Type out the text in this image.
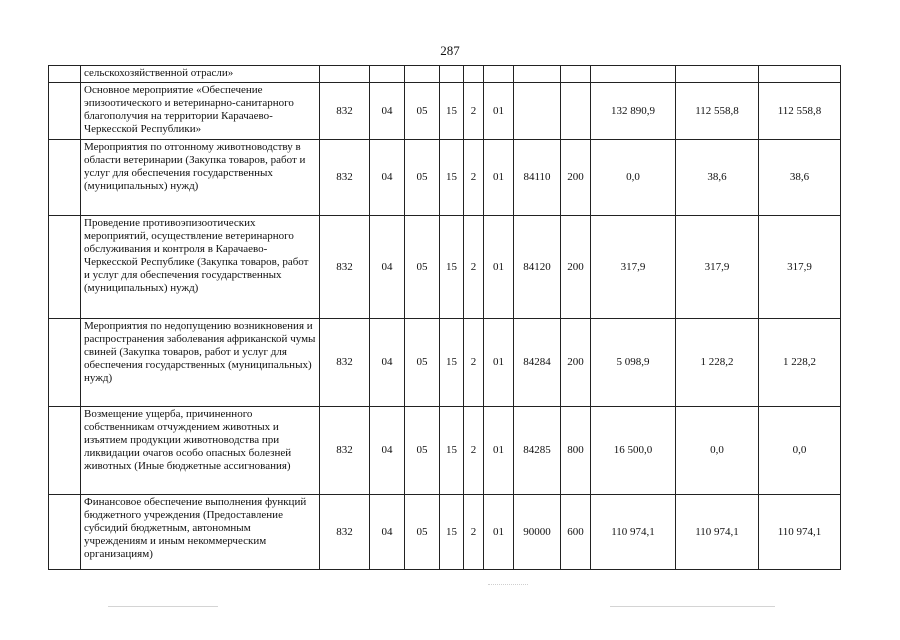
287
	сельскохозяйственной отрасли»											
	Основное мероприятие «Обеспечение эпизоотического и ветеринарно-санитарного благополучия на территории Карачаево-Черкесской Республики»	832	04	05	15	2	01			132 890,9	112 558,8	112 558,8
	Мероприятия по отгонному животноводству в области ветеринарии (Закупка товаров, работ и услуг для обеспечения государственных (муниципальных) нужд)	832	04	05	15	2	01	84110	200	0,0	38,6	38,6
	Проведение противоэпизоотических мероприятий, осуществление ветеринарного обслуживания и контроля в Карачаево-Черкесской Республике (Закупка товаров, работ и услуг для обеспечения государственных (муниципальных) нужд)	832	04	05	15	2	01	84120	200	317,9	317,9	317,9
	Мероприятия по недопущению возникновения и распространения заболевания африканской чумы свиней (Закупка товаров, работ и услуг для обеспечения государственных (муниципальных) нужд)	832	04	05	15	2	01	84284	200	5 098,9	1 228,2	1 228,2
	Возмещение ущерба, причиненного собственникам отчуждением животных и изъятием продукции животноводства при ликвидации очагов особо опасных болезней животных (Иные бюджетные ассигнования)	832	04	05	15	2	01	84285	800	16 500,0	0,0	0,0
	Финансовое обеспечение выполнения функций бюджетного учреждения (Предоставление субсидий бюджетным, автономным учреждениям и иным некоммерческим организациям)	832	04	05	15	2	01	90000	600	110 974,1	110 974,1	110 974,1
